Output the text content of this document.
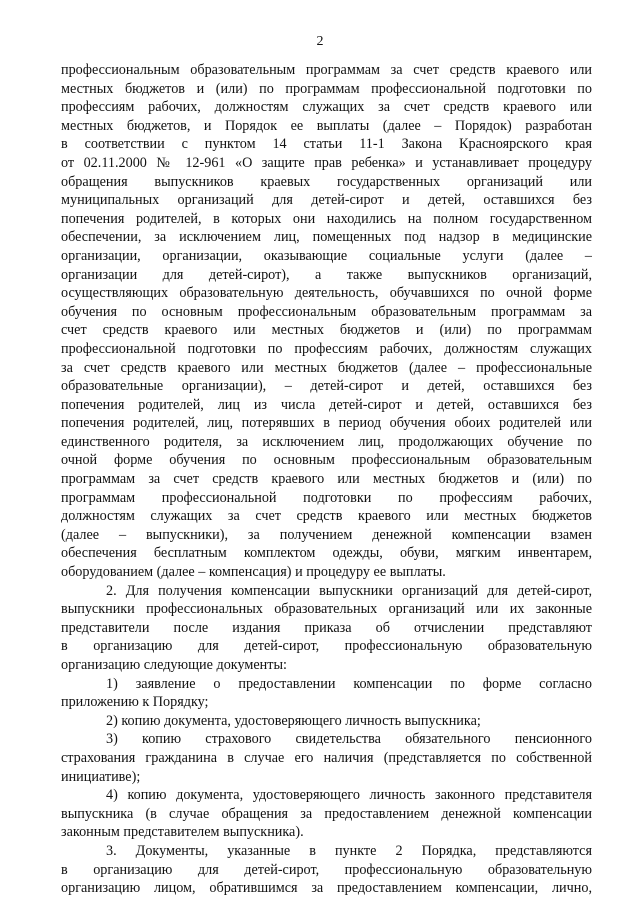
2
профессиональным образовательным программам за счет средств краевого или
местных бюджетов и (или) по программам профессиональной подготовки по
профессиям рабочих, должностям служащих за счет средств краевого или
местных бюджетов, и Порядок ее выплаты (далее – Порядок) разработан
в соответствии с пунктом 14 статьи 11-1 Закона Красноярского края
от 02.11.2000 № 12-961 «О защите прав ребенка» и устанавливает процедуру
обращения выпускников краевых государственных организаций или
муниципальных организаций для детей-сирот и детей, оставшихся без
попечения родителей, в которых они находились на полном государственном
обеспечении, за исключением лиц, помещенных под надзор в медицинские
организации, организации, оказывающие социальные услуги (далее –
организации для детей-сирот), а также выпускников организаций,
осуществляющих образовательную деятельность, обучавшихся по очной форме
обучения по основным профессиональным образовательным программам за
счет средств краевого или местных бюджетов и (или) по программам
профессиональной подготовки по профессиям рабочих, должностям служащих
за счет средств краевого или местных бюджетов (далее – профессиональные
образовательные организации), – детей-сирот и детей, оставшихся без
попечения родителей, лиц из числа детей-сирот и детей, оставшихся без
попечения родителей, лиц, потерявших в период обучения обоих родителей или
единственного родителя, за исключением лиц, продолжающих обучение по
очной форме обучения по основным профессиональным образовательным
программам за счет средств краевого или местных бюджетов и (или) по
программам профессиональной подготовки по профессиям рабочих,
должностям служащих за счет средств краевого или местных бюджетов
(далее – выпускники), за получением денежной компенсации взамен
обеспечения бесплатным комплектом одежды, обуви, мягким инвентарем,
оборудованием (далее – компенсация) и процедуру ее выплаты.
2. Для получения компенсации выпускники организаций для детей-сирот,
выпускники профессиональных образовательных организаций или их законные
представители после издания приказа об отчислении представляют
в организацию для детей-сирот, профессиональную образовательную
организацию следующие документы:
1) заявление о предоставлении компенсации по форме согласно
приложению к Порядку;
2) копию документа, удостоверяющего личность выпускника;
3) копию страхового свидетельства обязательного пенсионного
страхования гражданина в случае его наличия (представляется по собственной
инициативе);
4) копию документа, удостоверяющего личность законного представителя
выпускника (в случае обращения за предоставлением денежной компенсации
законным представителем выпускника).
3. Документы, указанные в пункте 2 Порядка, представляются
в организацию для детей-сирот, профессиональную образовательную
организацию лицом, обратившимся за предоставлением компенсации, лично,
